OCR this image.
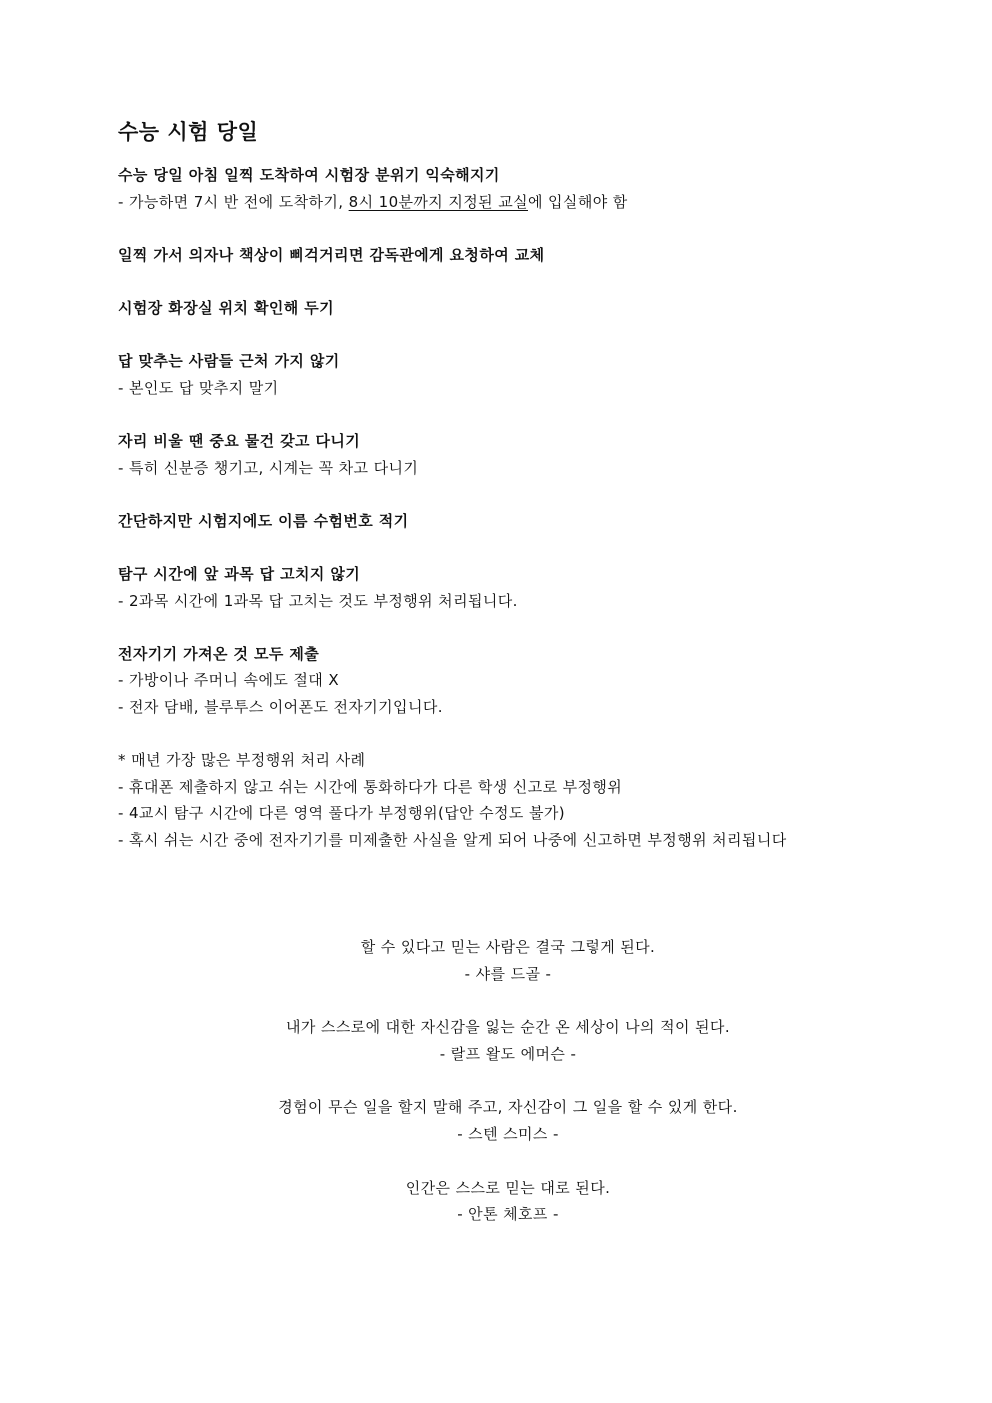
수능 시험 당일
수능 당일 아침 일찍 도착하여 시험장 분위기 익숙해지기
- 가능하면 7시 반 전에 도착하기, 8시 10분까지 지정된 교실에 입실해야 함
일찍 가서 의자나 책상이 삐걱거리면 감독관에게 요청하여 교체
시험장 화장실 위치 확인해 두기
답 맞추는 사람들 근처 가지 않기
- 본인도 답 맞추지 말기
자리 비울 땐 중요 물건 갖고 다니기
- 특히 신분증 챙기고, 시계는 꼭 차고 다니기
간단하지만 시험지에도 이름 수험번호 적기
탐구 시간에 앞 과목 답 고치지 않기
- 2과목 시간에 1과목 답 고치는 것도 부정행위 처리됩니다.
전자기기 가져온 것 모두 제출
- 가방이나 주머니 속에도 절대 X
- 전자 담배, 블루투스 이어폰도 전자기기입니다.
* 매년 가장 많은 부정행위 처리 사례
- 휴대폰 제출하지 않고 쉬는 시간에 통화하다가 다른 학생 신고로 부정행위
- 4교시 탐구 시간에 다른 영역 풀다가 부정행위(답안 수정도 불가)
- 혹시 쉬는 시간 중에 전자기기를 미제출한 사실을 알게 되어 나중에 신고하면 부정행위 처리됩니다
할 수 있다고 믿는 사람은 결국 그렇게 된다.
- 샤를 드골 -
내가 스스로에 대한 자신감을 잃는 순간 온 세상이 나의 적이 된다.
- 랄프 왈도 에머슨 -
경험이 무슨 일을 할지 말해 주고, 자신감이 그 일을 할 수 있게 한다.
- 스텐 스미스 -
인간은 스스로 믿는 대로 된다.
- 안톤 체호프 -
